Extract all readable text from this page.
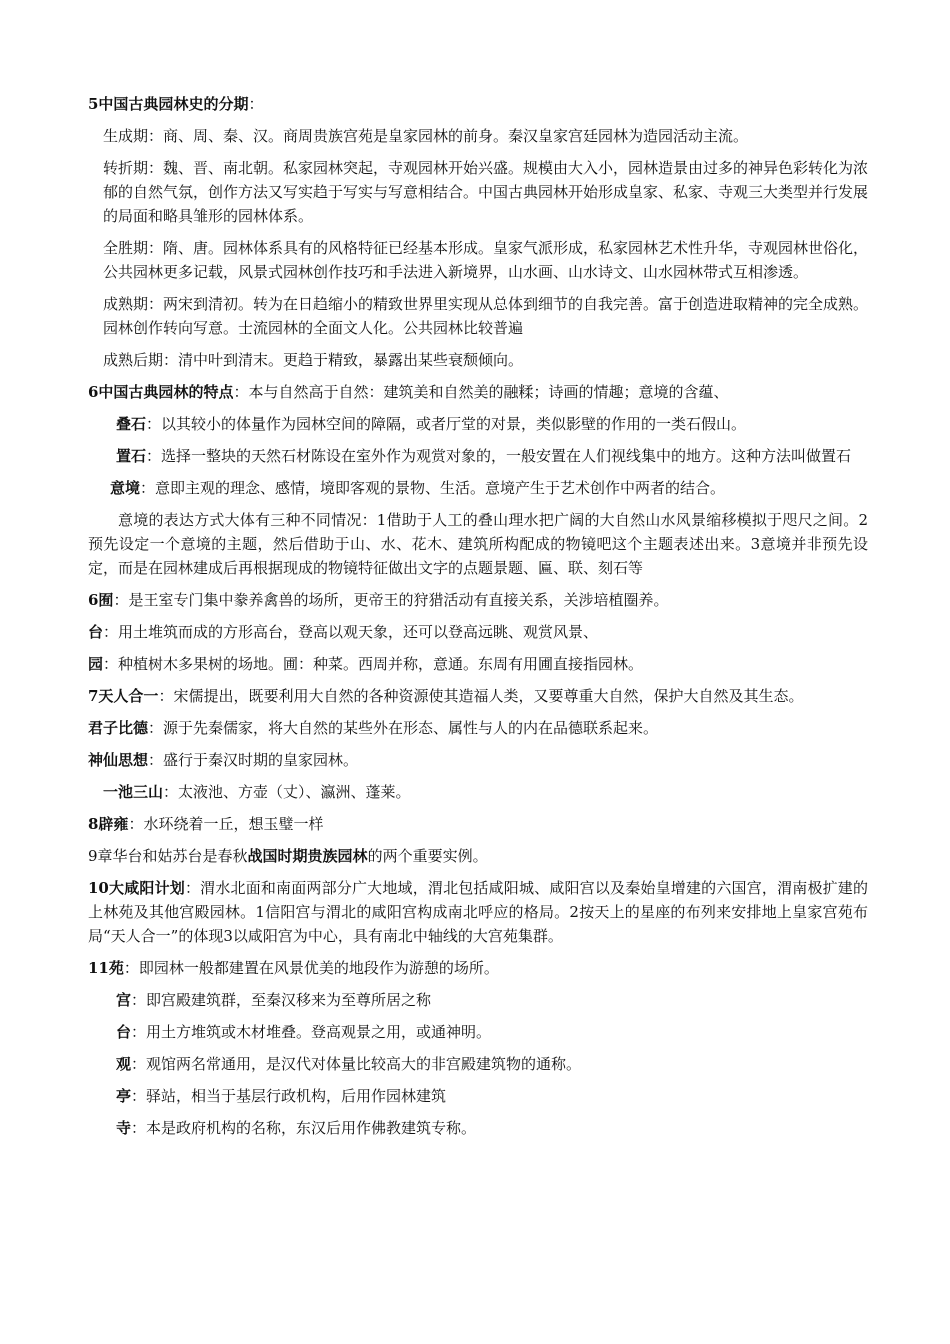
5中国古典园林史的分期：

生成期：商、周、秦、汉。商周贵族宫苑是皇家园林的前身。秦汉皇家宫廷园林为造园活动主流。

转折期：魏、晋、南北朝。私家园林突起，寺观园林开始兴盛。规模由大入小，园林造景由过多的神异色彩转化为浓郁的自然气氛，创作方法又写实趋于写实与写意相结合。中国古典园林开始形成皇家、私家、寺观三大类型并行发展的局面和略具雏形的园林体系。

全胜期：隋、唐。园林体系具有的风格特征已经基本形成。皇家气派形成，私家园林艺术性升华，寺观园林世俗化，公共园林更多记载，风景式园林创作技巧和手法进入新境界，山水画、山水诗文、山水园林带式互相渗透。

成熟期：两宋到清初。转为在日趋缩小的精致世界里实现从总体到细节的自我完善。富于创造进取精神的完全成熟。园林创作转向写意。士流园林的全面文人化。公共园林比较普遍

成熟后期：清中叶到清末。更趋于精致，暴露出某些衰颓倾向。

6中国古典园林的特点：本与自然高于自然：建筑美和自然美的融糅；诗画的情趣；意境的含蕴、

叠石：以其较小的体量作为园林空间的障隔，或者厅堂的对景，类似影壁的作用的一类石假山。

置石：选择一整块的天然石材陈设在室外作为观赏对象的，一般安置在人们视线集中的地方。这种方法叫做置石

意境：意即主观的理念、感情，境即客观的景物、生活。意境产生于艺术创作中两者的结合。

意境的表达方式大体有三种不同情况：1借助于人工的叠山理水把广阔的大自然山水风景缩移模拟于咫尺之间。2预先设定一个意境的主题，然后借助于山、水、花木、建筑所构配成的物镜吧这个主题表述出来。3意境并非预先设定，而是在园林建成后再根据现成的物镜特征做出文字的点题景题、匾、联、刻石等

6囿：是王室专门集中豢养禽兽的场所，更帝王的狩猎活动有直接关系，关涉培植圈养。

台：用土堆筑而成的方形高台，登高以观天象，还可以登高远眺、观赏风景、

园：种植树木多果树的场地。圃：种菜。西周并称，意通。东周有用圃直接指园林。

7天人合一：宋儒提出，既要利用大自然的各种资源使其造福人类，又要尊重大自然，保护大自然及其生态。

君子比德：源于先秦儒家，将大自然的某些外在形态、属性与人的内在品德联系起来。

神仙思想：盛行于秦汉时期的皇家园林。

一池三山：太液池、方壶（丈）、瀛洲、蓬莱。

8辟雍：水环绕着一丘，想玉璧一样

9章华台和姑苏台是春秋战国时期贵族园林的两个重要实例。

10大咸阳计划：渭水北面和南面两部分广大地域，渭北包括咸阳城、咸阳宫以及秦始皇增建的六国宫，渭南极扩建的上林苑及其他宫殿园林。1信阳宫与渭北的咸阳宫构成南北呼应的格局。2按天上的星座的布列来安排地上皇家宫苑布局“天人合一”的体现3以咸阳宫为中心，具有南北中轴线的大宫苑集群。

11苑：即园林一般都建置在风景优美的地段作为游憩的场所。

宫：即宫殿建筑群，至秦汉移来为至尊所居之称

台：用土方堆筑或木材堆叠。登高观景之用，或通神明。

观：观馆两名常通用，是汉代对体量比较高大的非宫殿建筑物的通称。

亭：驿站，相当于基层行政机构，后用作园林建筑

寺：本是政府机构的名称，东汉后用作佛教建筑专称。
